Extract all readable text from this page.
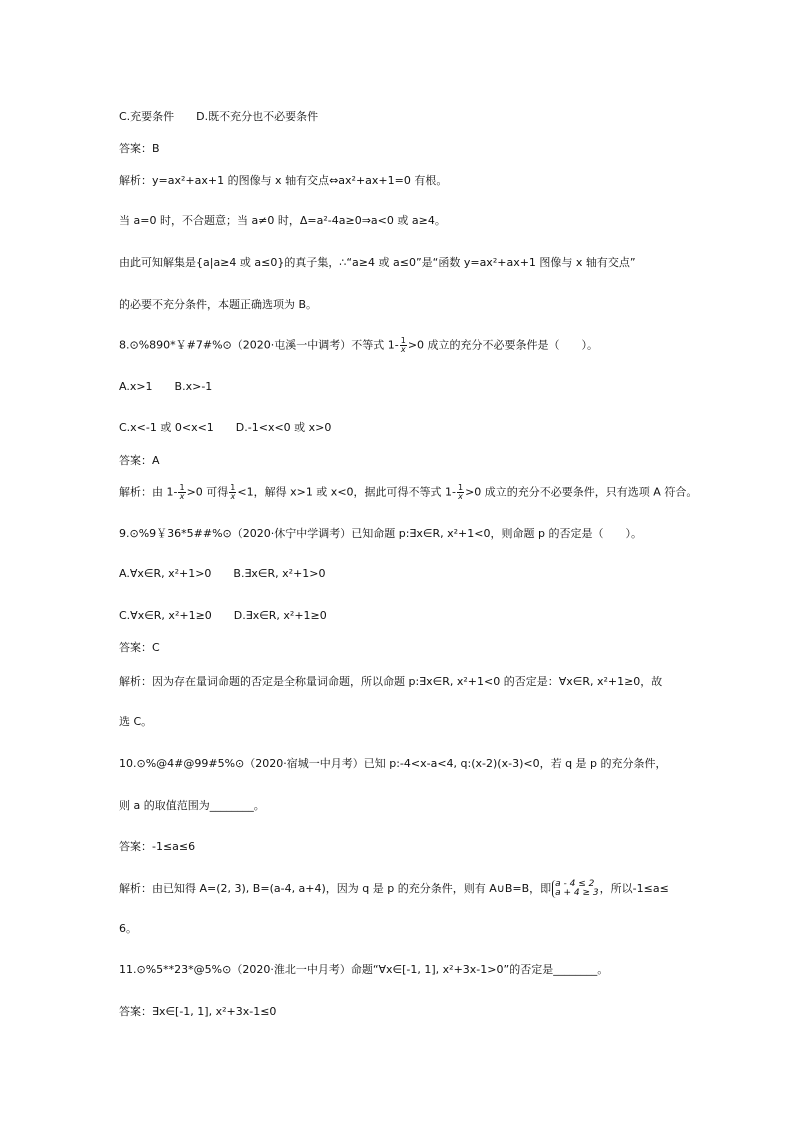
C.充要条件　　D.既不充分也不必要条件
答案：B
解析：y=ax²+ax+1 的图像与 x 轴有交点⇔ax²+ax+1=0 有根。
当 a=0 时，不合题意；当 a≠0 时，Δ=a²-4a≥0⇒a<0 或 a≥4。
由此可知解集是{a|a≥4 或 a≤0}的真子集，∴“a≥4 或 a≤0”是“函数 y=ax²+ax+1 图像与 x 轴有交点”
的必要不充分条件，本题正确选项为 B。
8.⊙%890*￥#7#%⊙（2020·屯溪一中调考）不等式 $1- \frac{1}{x} >0$ 成立的充分不必要条件是（　　）。
A.x>1　　B.x>-1
C.x<-1 或 0<x<1　　D.-1<x<0 或 x>0
答案：A
解析：由 $1- \frac{1}{x} >0$ 可得 $\frac{1}{x} <1$，解得 x>1 或 x<0，据此可得不等式 $1- \frac{1}{x} >0$ 成立的充分不必要条件，只有选项 A 符合。
9.⊙%9￥36*5##%⊙（2020·休宁中学调考）已知命题 p:∃x∈R, x²+1<0，则命题 p 的否定是（　　）。
A.∀x∈R, x²+1>0　　B.∃x∈R, x²+1>0
C.∀x∈R, x²+1≥0　　D.∃x∈R, x²+1≥0
答案：C
解析：因为存在量词命题的否定是全称量词命题，所以命题 p:∃x∈R, x²+1<0 的否定是：∀x∈R, x²+1≥0，故
选 C。
10.⊙%@4#@99#5%⊙（2020·宿城一中月考）已知 p:-4<x-a<4, q:(x-2)(x-3)<0，若 q 是 p 的充分条件，
则 a 的取值范围为________。
答案：-1≤a≤6
解析：由已知得 A=(2, 3), B=(a-4, a+4)，因为 q 是 p 的充分条件，则有 A∪B=B，即 a - 4 ≤ 2
a + 4 ≥ 3 ，所以-1≤a≤
6。
11.⊙%5**23*@5%⊙（2020·淮北一中月考）命题“∀x∈[-1, 1], x²+3x-1>0”的否定是________。
答案：∃x∈[-1, 1], x²+3x-1≤0
